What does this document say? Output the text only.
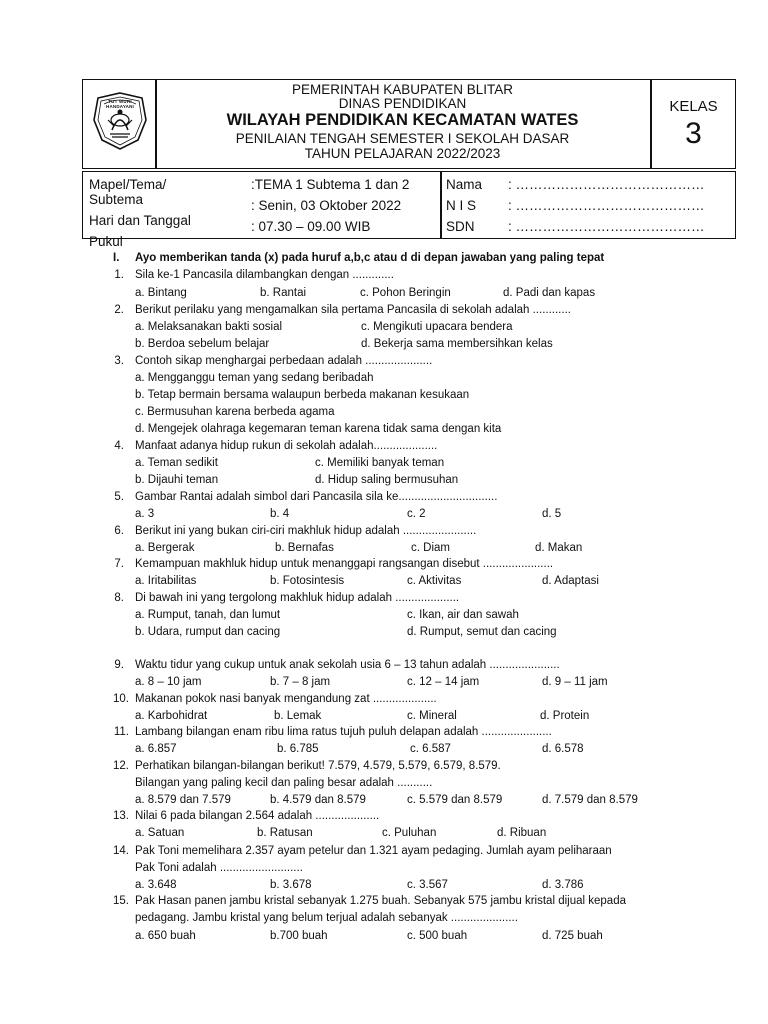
TUT WURI HANDAYANI
PEMERINTAH KABUPATEN BLITAR
DINAS PENDIDIKAN
WILAYAH PENDIDIKAN KECAMATAN WATES
PENILAIAN TENGAH SEMESTER I SEKOLAH DASAR
TAHUN PELAJARAN 2022/2023
KELAS
3
Mapel/Tema/
Subtema
:TEMA 1 Subtema 1 dan 2
Hari dan Tanggal
: Senin, 03 Oktober 2022
Pukul
: 07.30 – 09.00 WIB
Nama : ……………………………………
N I S : ……………………………………
SDN : ……………………………………
I. Ayo memberikan tanda (x) pada huruf a,b,c atau d di depan jawaban yang paling tepat
1. Sila ke-1 Pancasila dilambangkan dengan .............
a. Bintang	b. Rantai	c. Pohon Beringin	d. Padi dan kapas
2. Berikut perilaku yang mengamalkan sila pertama Pancasila di sekolah adalah ............
a. Melaksanakan bakti sosial	c. Mengikuti upacara bendera
b. Berdoa sebelum belajar	d. Bekerja sama membersihkan kelas
3. Contoh sikap menghargai perbedaan adalah .....................
a. Mengganggu teman yang sedang beribadah
b. Tetap bermain bersama walaupun berbeda makanan kesukaan
c. Bermusuhan karena berbeda agama
d. Mengejek olahraga kegemaran teman karena tidak sama dengan kita
4. Manfaat adanya hidup rukun di sekolah adalah....................
a. Teman sedikit	c. Memiliki banyak teman
b. Dijauhi teman	d. Hidup saling bermusuhan
5. Gambar Rantai adalah simbol dari Pancasila sila ke...............................
a. 3	b. 4	c. 2	d. 5
6. Berikut ini yang bukan ciri-ciri makhluk hidup adalah .......................
a. Bergerak	b. Bernafas	c. Diam	d. Makan
7. Kemampuan makhluk hidup untuk menanggapi rangsangan disebut ......................
a. Iritabilitas	b. Fotosintesis	c. Aktivitas	d. Adaptasi
8. Di bawah ini yang tergolong makhluk hidup adalah ....................
a. Rumput, tanah, dan lumut	c. Ikan, air dan sawah
b. Udara, rumput dan cacing	d. Rumput, semut dan cacing
9. Waktu tidur yang cukup untuk anak sekolah usia 6 – 13 tahun adalah ......................
a. 8 – 10 jam	b. 7 – 8 jam	c. 12 – 14 jam	d. 9 – 11 jam
10. Makanan pokok nasi banyak mengandung zat ....................
a. Karbohidrat	b. Lemak	c. Mineral	d. Protein
11. Lambang bilangan enam ribu lima ratus tujuh puluh delapan adalah ......................
a. 6.857	b. 6.785	c. 6.587	d. 6.578
12. Perhatikan bilangan-bilangan berikut! 7.579, 4.579, 5.579, 6.579, 8.579.
Bilangan yang paling kecil dan paling besar adalah ...........
a. 8.579 dan 7.579	b. 4.579 dan 8.579	c. 5.579 dan 8.579	d. 7.579 dan 8.579
13. Nilai 6 pada bilangan 2.564 adalah ....................
a. Satuan	b. Ratusan	c. Puluhan	d. Ribuan
14. Pak Toni memelihara 2.357 ayam petelur dan 1.321 ayam pedaging. Jumlah ayam peliharaan
Pak Toni adalah ..........................
a. 3.648	b. 3.678	c. 3.567	d. 3.786
15. Pak Hasan panen jambu kristal sebanyak 1.275 buah. Sebanyak 575 jambu kristal dijual kepada
pedagang. Jambu kristal yang belum terjual adalah sebanyak .....................
a. 650 buah	b.700 buah	c. 500 buah	d. 725 buah
